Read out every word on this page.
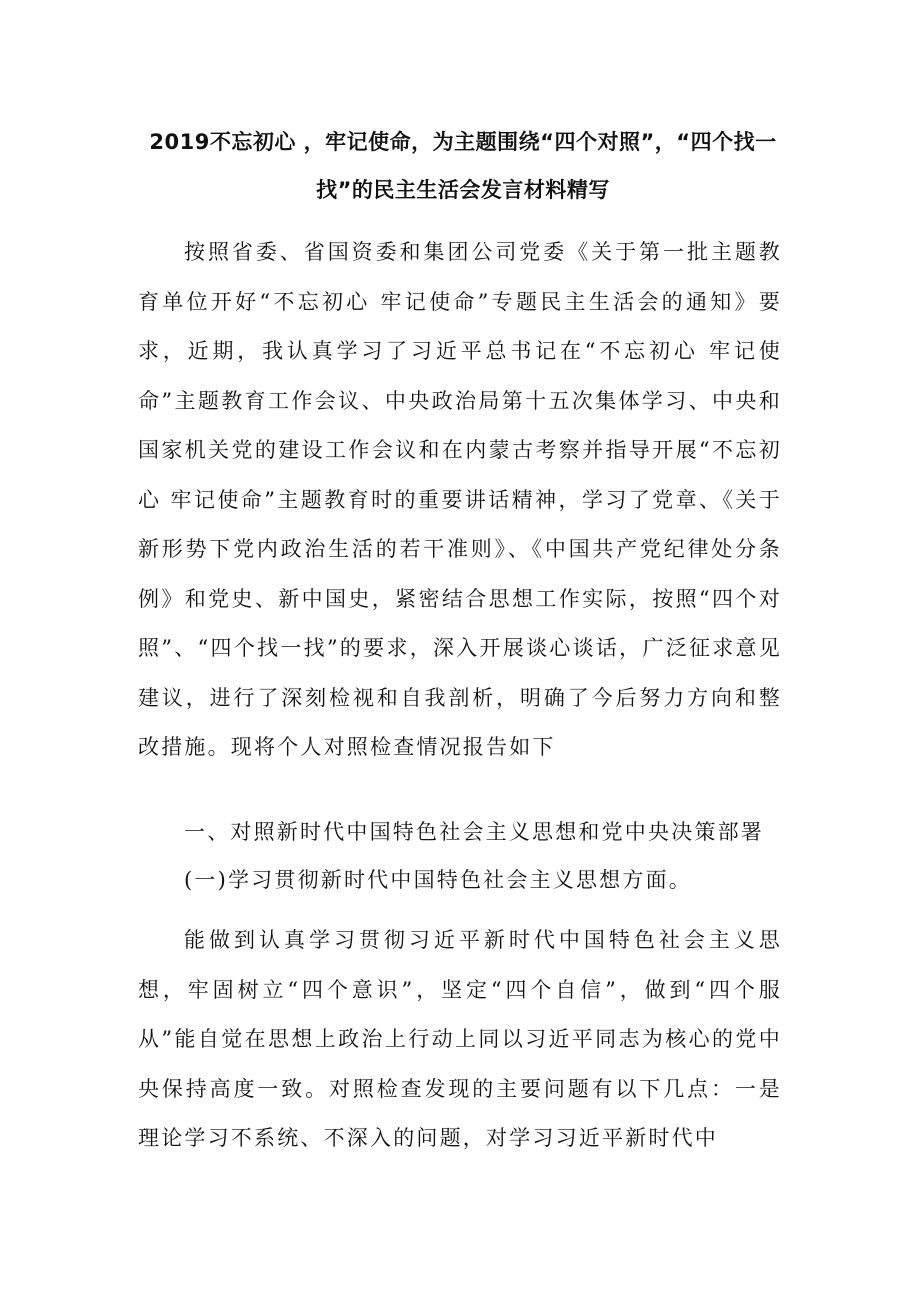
2019不忘初心 ，牢记使命，为主题围绕“四个对照”，“四个找一找”的民主生活会发言材料精写

按照省委、省国资委和集团公司党委《关于第一批主题教育单位开好“不忘初心 牢记使命”专题民主生活会的通知》要求，近期，我认真学习了习近平总书记在“不忘初心 牢记使命”主题教育工作会议、中央政治局第十五次集体学习、中央和国家机关党的建设工作会议和在内蒙古考察并指导开展“不忘初心 牢记使命”主题教育时的重要讲话精神，学习了党章、《关于新形势下党内政治生活的若干准则》、《中国共产党纪律处分条例》和党史、新中国史，紧密结合思想工作实际，按照“四个对照”、“四个找一找”的要求，深入开展谈心谈话，广泛征求意见建议，进行了深刻检视和自我剖析，明确了今后努力方向和整改措施。现将个人对照检查情况报告如下

一、对照新时代中国特色社会主义思想和党中央决策部署

(一)学习贯彻新时代中国特色社会主义思想方面。

能做到认真学习贯彻习近平新时代中国特色社会主义思想，牢固树立“四个意识”，坚定“四个自信”，做到“四个服从”能自觉在思想上政治上行动上同以习近平同志为核心的党中央保持高度一致。对照检查发现的主要问题有以下几点：一是理论学习不系统、不深入的问题，对学习习近平新时代中
